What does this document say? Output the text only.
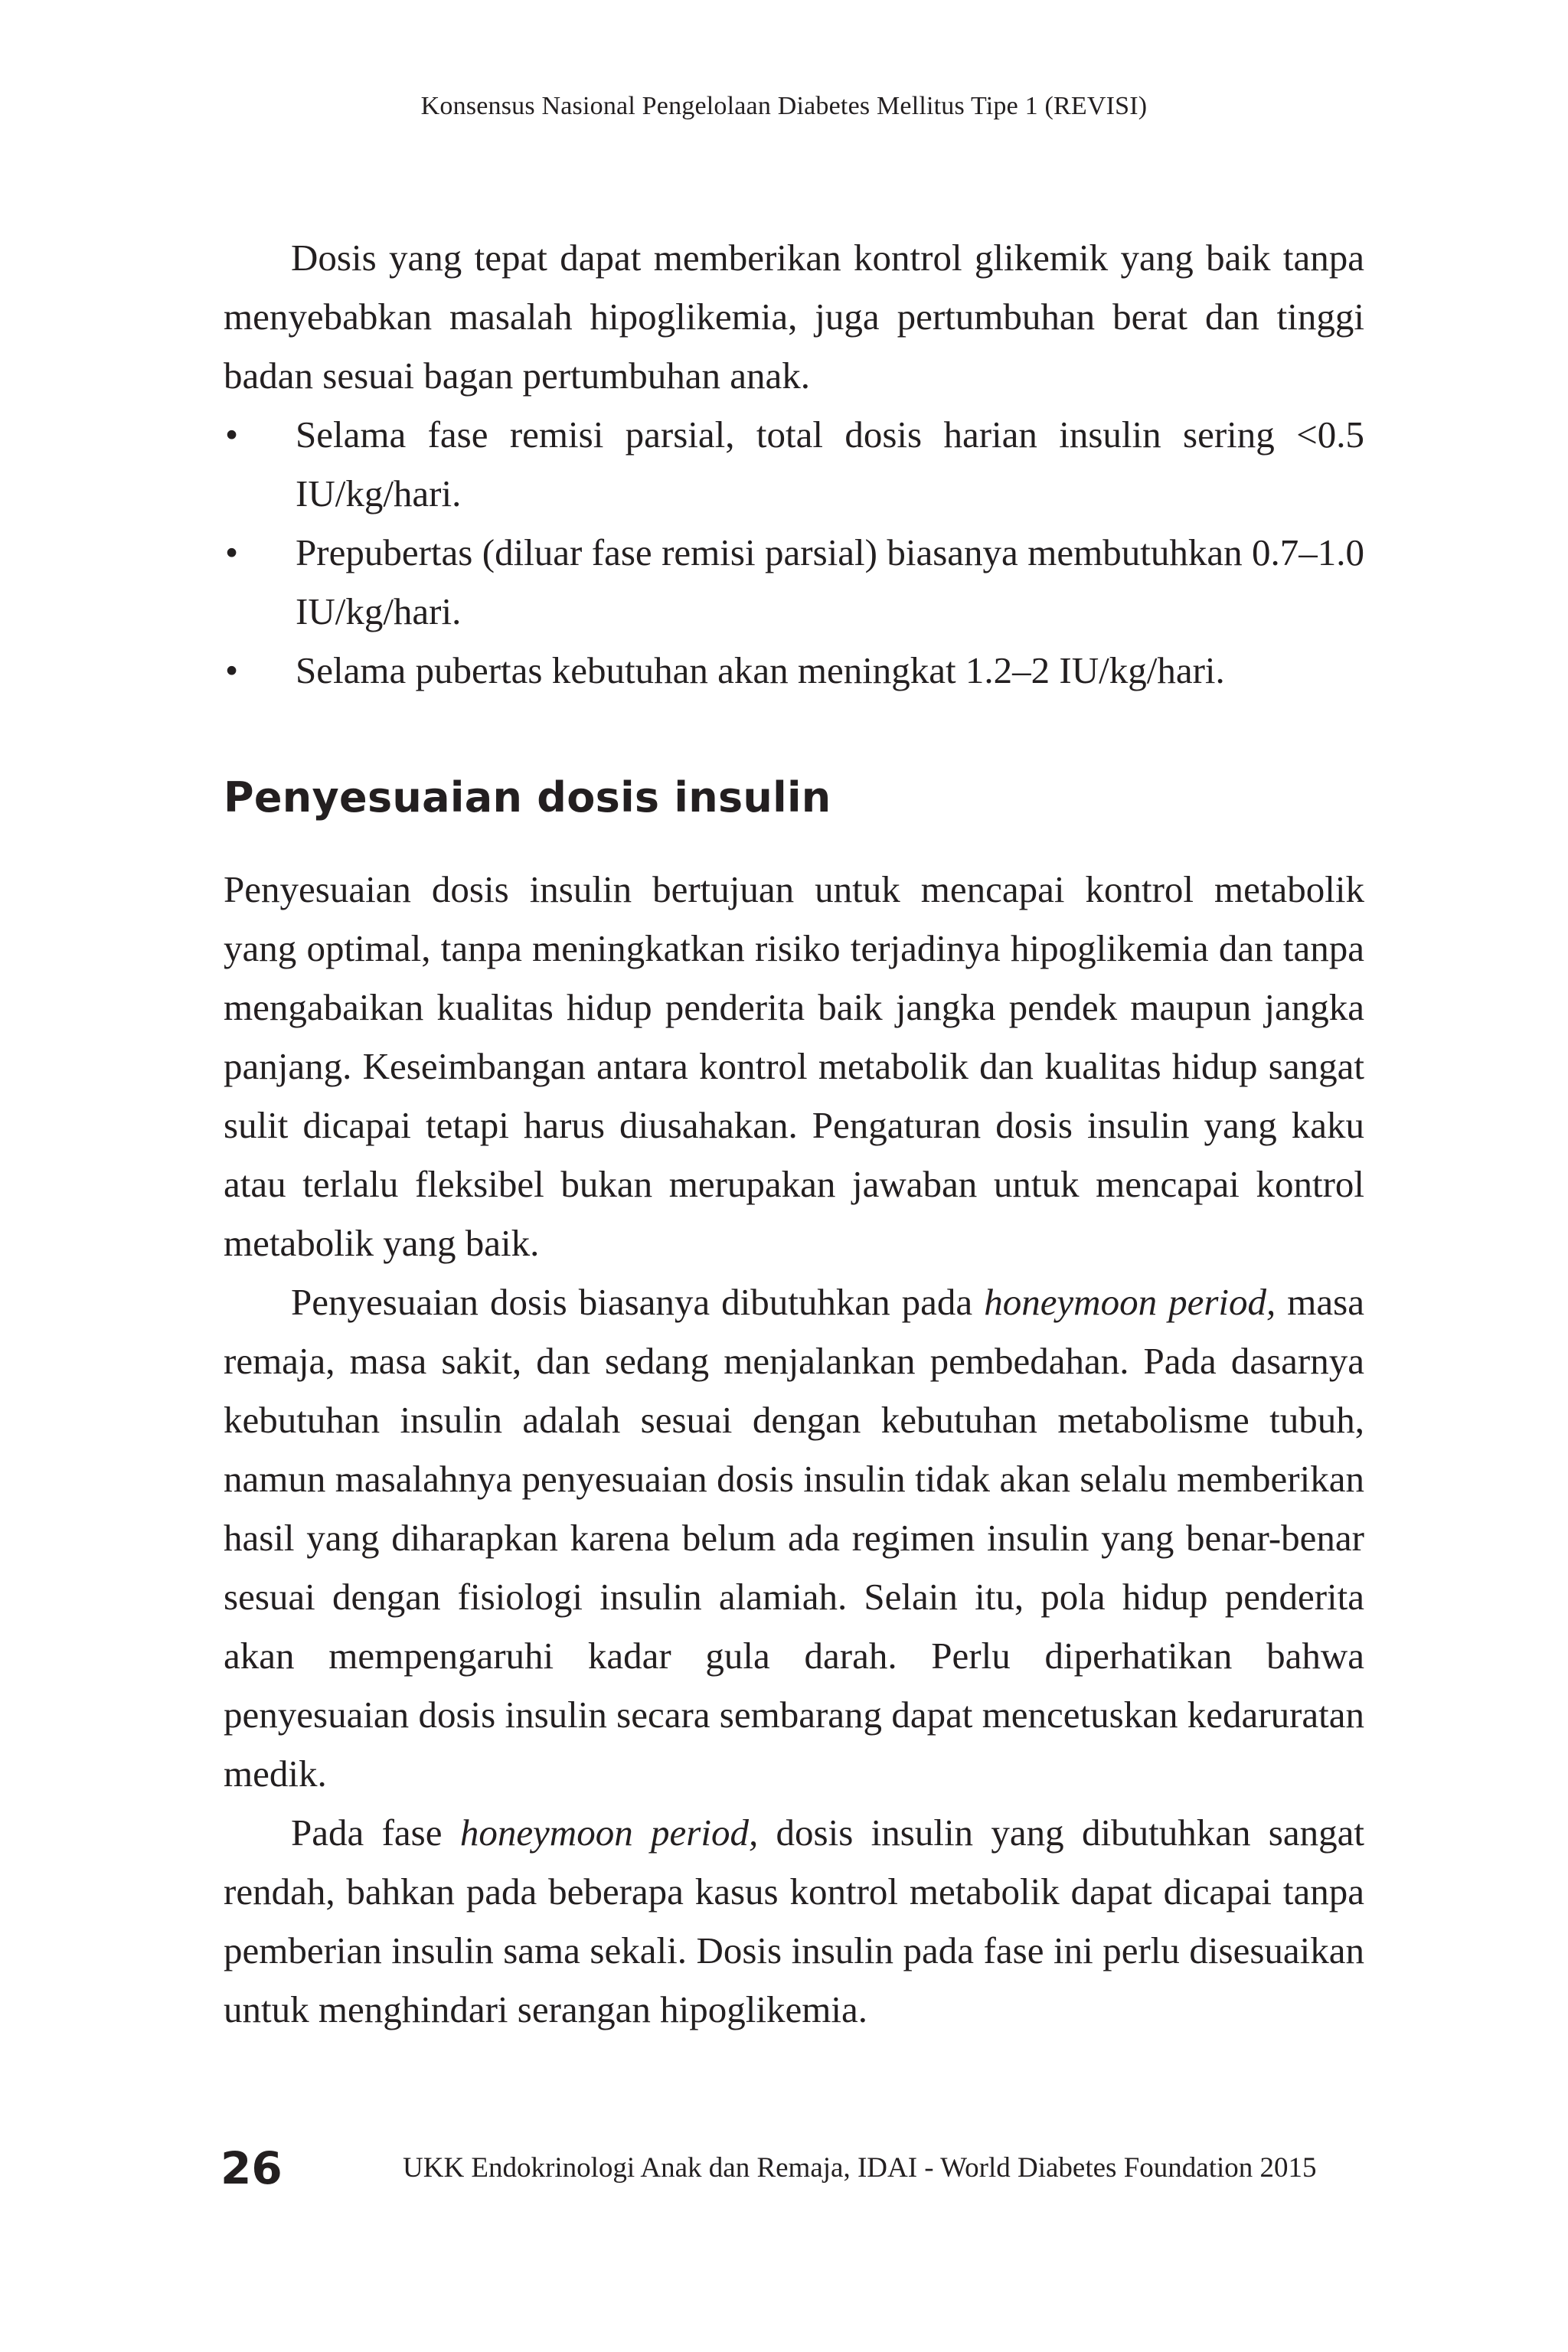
Konsensus Nasional Pengelolaan Diabetes Mellitus Tipe 1 (REVISI)

Dosis yang tepat dapat memberikan kontrol glikemik yang baik tanpa menyebabkan masalah hipoglikemia, juga pertumbuhan berat dan tinggi badan sesuai bagan pertumbuhan anak.

• Selama fase remisi parsial, total dosis harian insulin sering <0.5 IU/kg/hari.
• Prepubertas (diluar fase remisi parsial) biasanya membutuhkan 0.7–1.0 IU/kg/hari.
• Selama pubertas kebutuhan akan meningkat 1.2–2 IU/kg/hari.
Penyesuaian dosis insulin

Penyesuaian dosis insulin bertujuan untuk mencapai kontrol metabolik yang optimal, tanpa meningkatkan risiko terjadinya hipoglikemia dan tanpa mengabaikan kualitas hidup penderita baik jangka pendek maupun jangka panjang. Keseimbangan antara kontrol metabolik dan kualitas hidup sangat sulit dicapai tetapi harus diusahakan. Pengaturan dosis insulin yang kaku atau terlalu fleksibel bukan merupakan jawaban untuk mencapai kontrol metabolik yang baik.

Penyesuaian dosis biasanya dibutuhkan pada honeymoon period, masa remaja, masa sakit, dan sedang menjalankan pembedahan. Pada dasarnya kebutuhan insulin adalah sesuai dengan kebutuhan metabolisme tubuh, namun masalahnya penyesuaian dosis insulin tidak akan selalu memberikan hasil yang diharapkan karena belum ada regimen insulin yang benar-benar sesuai dengan fisiologi insulin alamiah. Selain itu, pola hidup penderita akan mempengaruhi kadar gula darah. Perlu diperhatikan bahwa penyesuaian dosis insulin secara sembarang dapat mencetuskan kedaruratan medik.

Pada fase honeymoon period, dosis insulin yang dibutuhkan sangat rendah, bahkan pada beberapa kasus kontrol metabolik dapat dicapai tanpa pemberian insulin sama sekali. Dosis insulin pada fase ini perlu disesuaikan untuk menghindari serangan hipoglikemia.

26	UKK Endokrinologi Anak dan Remaja, IDAI - World Diabetes Foundation 2015
